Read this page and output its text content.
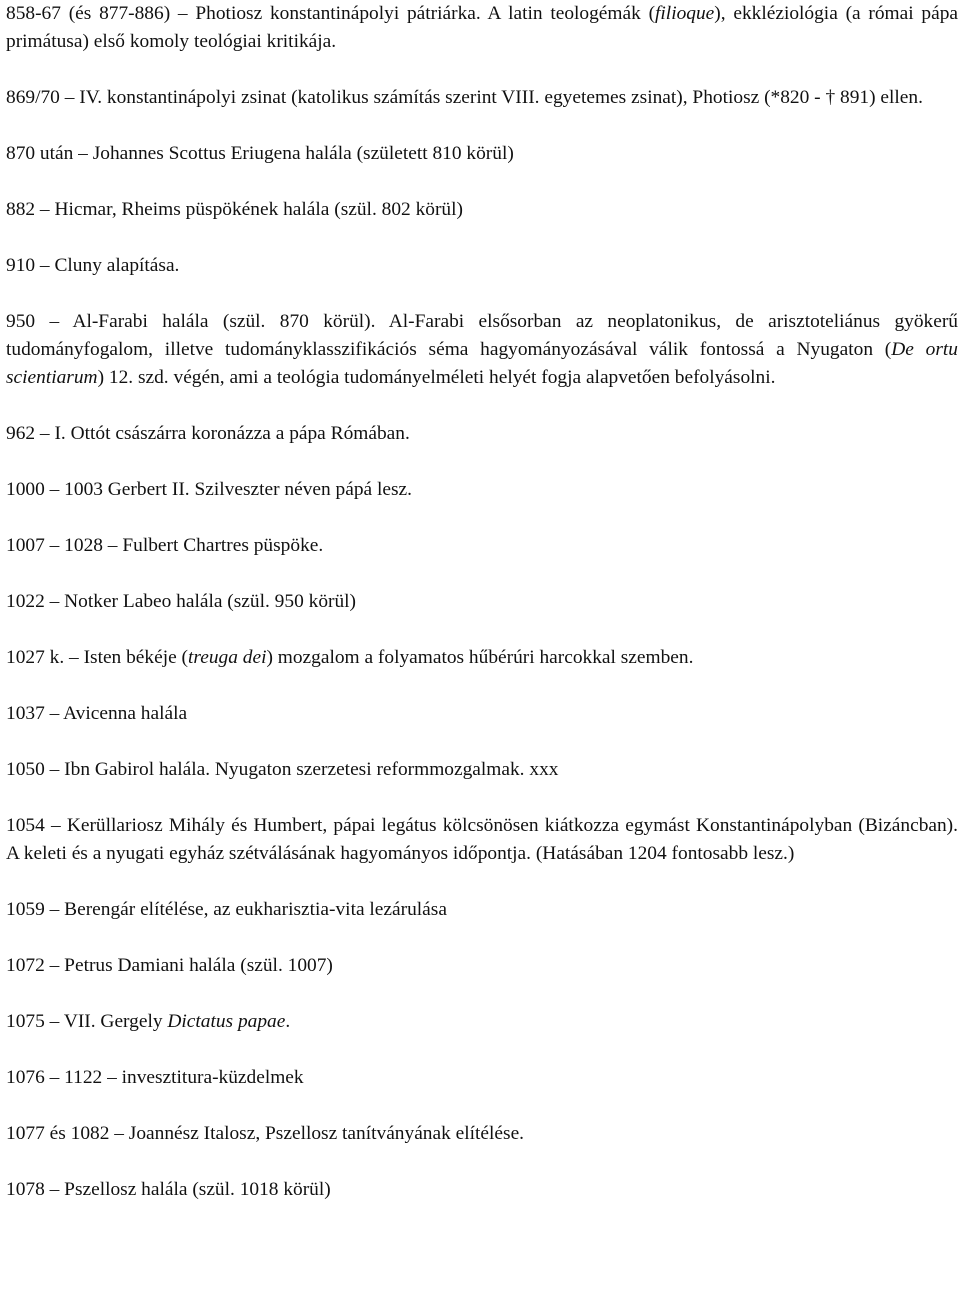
858-67 (és 877-886) – Photiosz konstantinápolyi pátriárka. A latin teologémák (filioque), ekkléziológia (a római pápa primátusa) első komoly teológiai kritikája.

869/70 – IV. konstantinápolyi zsinat (katolikus számítás szerint VIII. egyetemes zsinat), Photiosz (*820 - † 891) ellen.

870 után – Johannes Scottus Eriugena halála (született 810 körül)

882 – Hicmar, Rheims püspökének halála (szül. 802 körül)

910 – Cluny alapítása.

950 – Al-Farabi halála (szül. 870 körül). Al-Farabi elsősorban az neoplatonikus, de arisztoteliánus gyökerű tudományfogalom, illetve tudományklasszifikációs séma hagyományozásával válik fontossá a Nyugaton (De ortu scientiarum) 12. szd. végén, ami a teológia tudományelméleti helyét fogja alapvetően befolyásolni.

962 – I. Ottót császárra koronázza a pápa Rómában.

1000 – 1003 Gerbert II. Szilveszter néven pápá lesz.

1007 – 1028 – Fulbert Chartres püspöke.

1022 – Notker Labeo halála (szül. 950 körül)

1027 k. – Isten békéje (treuga dei) mozgalom a folyamatos hűbérúri harcokkal szemben.

1037 – Avicenna halála

1050 – Ibn Gabirol halála. Nyugaton szerzetesi reformmozgalmak. xxx

1054 – Kerüllariosz Mihály és Humbert, pápai legátus kölcsönösen kiátkozza egymást Konstantinápolyban (Bizáncban). A keleti és a nyugati egyház szétválásának hagyományos időpontja. (Hatásában 1204 fontosabb lesz.)

1059 – Berengár elítélése, az eukharisztia-vita lezárulása

1072 – Petrus Damiani halála (szül. 1007)

1075 – VII. Gergely Dictatus papae.

1076 – 1122 – invesztitura-küzdelmek

1077 és 1082 – Joannész Italosz, Pszellosz tanítványának elítélése.

1078 – Pszellosz halála (szül. 1018 körül)
